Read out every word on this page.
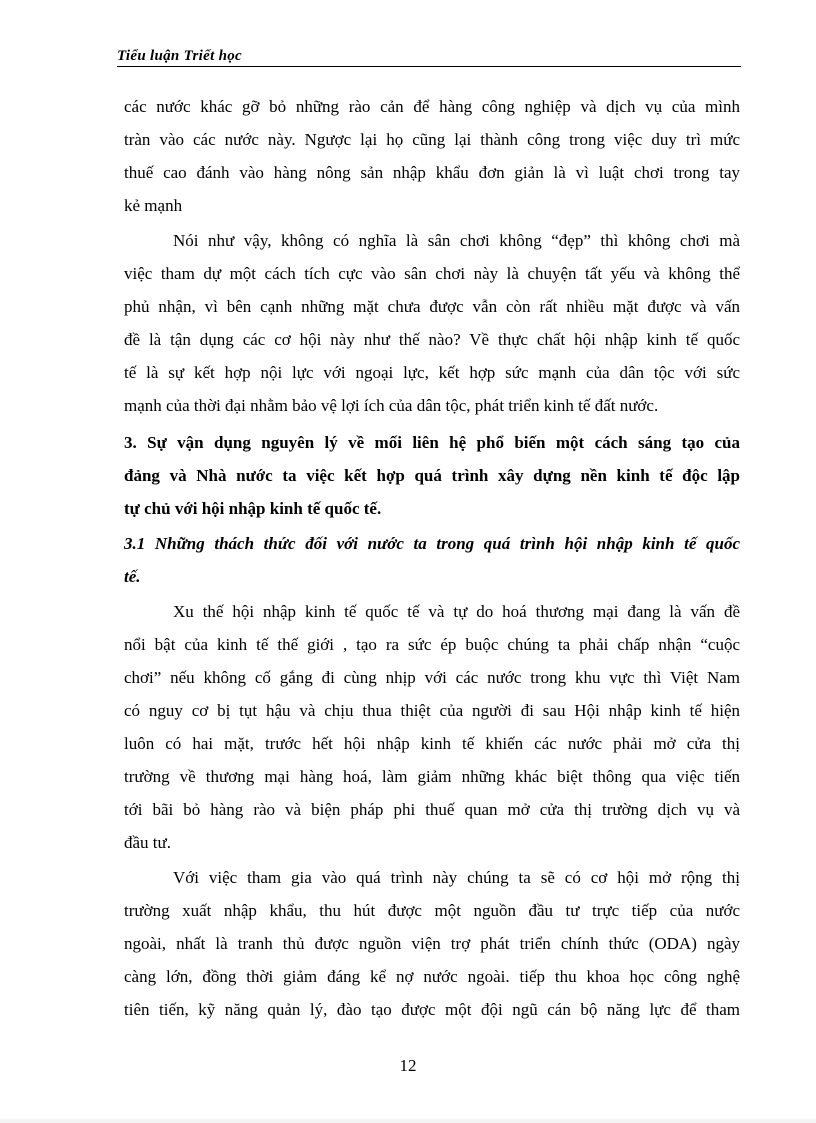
Tiểu luận Triết học

các nước khác gỡ bỏ những rào cản để hàng công nghiệp và dịch vụ của mình
tràn vào các nước này. Ngược lại họ cũng lại thành công trong việc duy trì mức
thuế cao đánh vào hàng nông sản nhập khẩu đơn giản là vì luật chơi trong tay
kẻ mạnh

Nói như vậy, không có nghĩa là sân chơi không “đẹp” thì không chơi mà
việc tham dự một cách tích cực vào sân chơi này là chuyện tất yếu và không thể
phủ nhận, vì bên cạnh những mặt chưa được vẫn còn rất nhiều mặt được và vấn
đề là tận dụng các cơ hội này như thế nào? Về thực chất hội nhập kinh tế quốc
tế là sự kết hợp nội lực với ngoại lực, kết hợp sức mạnh của dân tộc với sức
mạnh của thời đại nhằm bảo vệ lợi ích của dân tộc, phát triển kinh tế đất nước.

3. Sự vận dụng nguyên lý về mối liên hệ phổ biến một cách sáng tạo của
đảng và Nhà nước ta việc kết hợp quá trình xây dựng nền kinh tế độc lập
tự chủ với hội nhập kinh tế quốc tế.

3.1 Những thách thức đối với nước ta trong quá trình hội nhập kinh tế quốc
tế.

Xu thế hội nhập kinh tế quốc tế và tự do hoá thương mại đang là vấn đề
nổi bật của kinh tế thế giới , tạo ra sức ép buộc chúng ta phải chấp nhận “cuộc
chơi” nếu không cố gắng đi cùng nhịp với các nước trong khu vực thì Việt Nam
có nguy cơ bị tụt hậu và chịu thua thiệt của người đi sau Hội nhập kinh tế hiện
luôn có hai mặt, trước hết hội nhập kinh tế khiến các nước phải mở cửa thị
trường về thương mại hàng hoá, làm giảm những khác biệt thông qua việc tiến
tới bãi bỏ hàng rào và biện pháp phi thuế quan mở cửa thị trường dịch vụ và
đầu tư.

Với việc tham gia vào quá trình này chúng ta sẽ có cơ hội mở rộng thị
trường xuất nhập khẩu, thu hút được một nguồn đầu tư trực tiếp của nước
ngoài, nhất là tranh thủ được nguồn viện trợ phát triển chính thức (ODA) ngày
càng lớn, đồng thời giảm đáng kể nợ nước ngoài. tiếp thu khoa học công nghệ
tiên tiến, kỹ năng quản lý, đào tạo được một đội ngũ cán bộ năng lực để tham

12
